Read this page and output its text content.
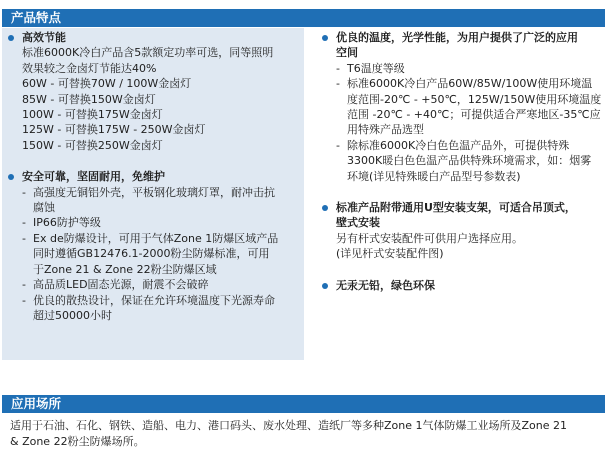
产品特点
高效节能
标准6000K冷白产品含5款额定功率可选，同等照明
效果较之金卤灯节能达40%
60W - 可替换70W / 100W金卤灯
85W - 可替换150W金卤灯
100W - 可替换175W金卤灯
125W - 可替换175W - 250W金卤灯
150W - 可替换250W金卤灯
安全可靠，坚固耐用，免维护
- 高强度无铜铝外壳，平板钢化玻璃灯罩，耐冲击抗
腐蚀
- IP66防护等级
- Ex de防爆设计，可用于气体Zone 1防爆区域产品
同时遵循GB12476.1-2000粉尘防爆标准，可用
于Zone 21 & Zone 22粉尘防爆区域
- 高品质LED固态光源，耐震不会破碎
- 优良的散热设计，保证在允许环境温度下光源寿命
超过50000小时
优良的温度，光学性能，为用户提供了广泛的应用
空间
- T6温度等级
- 标准6000K冷白产品60W/85W/100W使用环境温
度范围-20℃ - +50℃，125W/150W使用环境温度
范围 -20℃ - +40℃；可提供适合严寒地区-35℃应
用特殊产品选型
- 除标准6000K冷白色色温产品外，可提供特殊
3300K暖白色色温产品供特殊环境需求，如：烟雾
环境(详见特殊暖白产品型号参数表)
标准产品附带通用U型安装支架，可适合吊顶式，
壁式安装
另有杆式安装配件可供用户选择应用。
(详见杆式安装配件图)
无汞无铅，绿色环保
应用场所
适用于石油、石化、钢铁、造船、电力、港口码头、废水处理、造纸厂等多种Zone 1气体防爆工业场所及Zone 21
& Zone 22粉尘防爆场所。
